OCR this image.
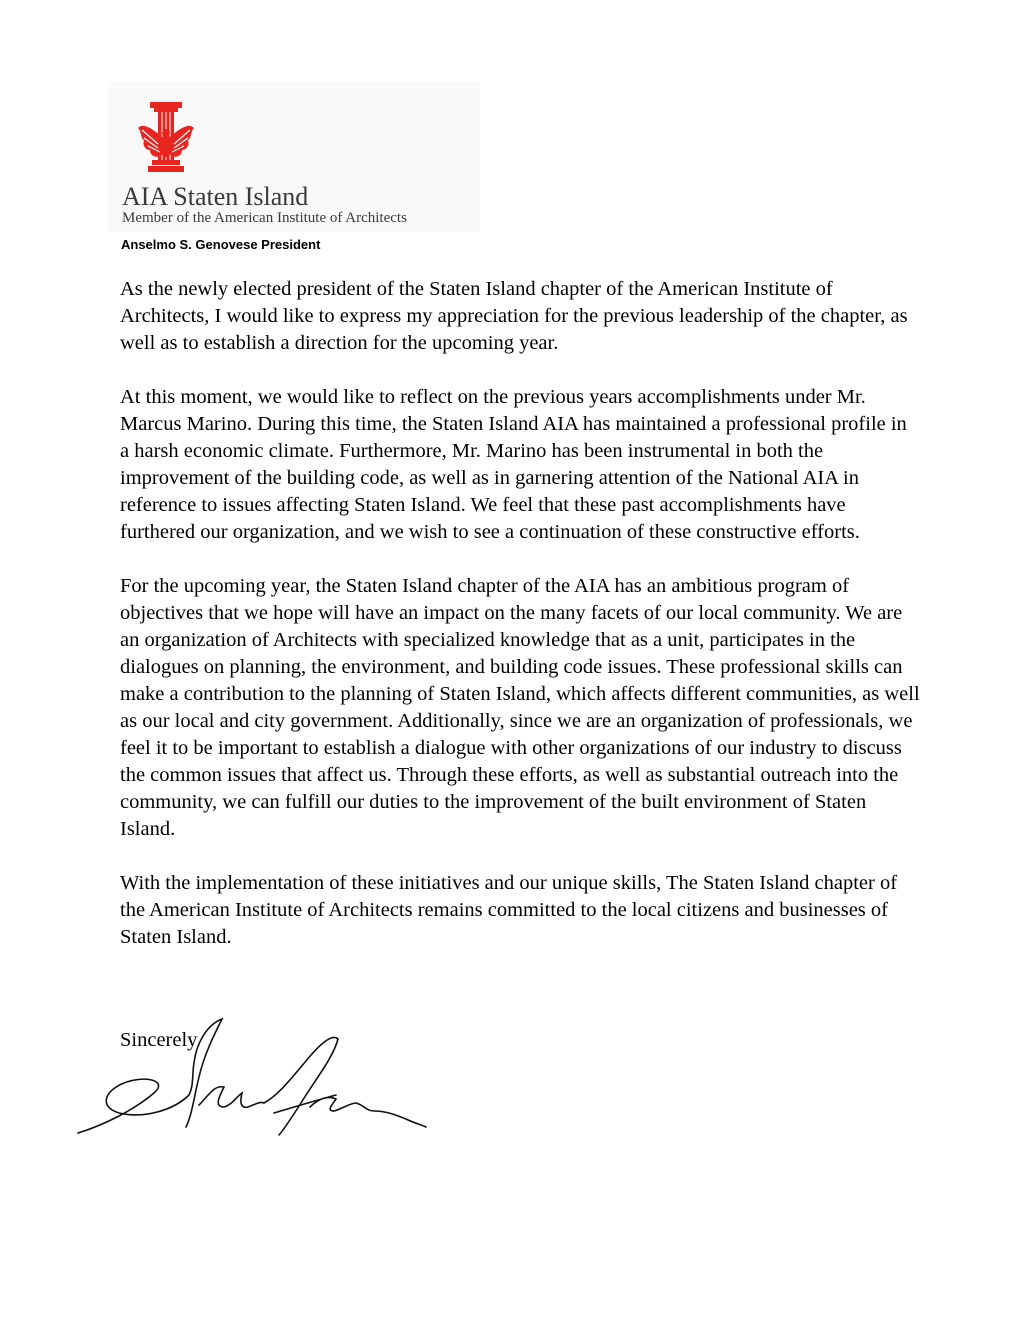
AIA Staten Island
Member of the American Institute of Architects
Anselmo S. Genovese President

As the newly elected president of the Staten Island chapter of the American Institute of Architects, I would like to express my appreciation for the previous leadership of the chapter, as well as to establish a direction for the upcoming year.

At this moment, we would like to reflect on the previous years accomplishments under Mr. Marcus Marino. During this time, the Staten Island AIA has maintained a professional profile in a harsh economic climate. Furthermore, Mr. Marino has been instrumental in both the improvement of the building code, as well as in garnering attention of the National AIA in reference to issues affecting Staten Island. We feel that these past accomplishments have furthered our organization, and we wish to see a continuation of these constructive efforts.

For the upcoming year, the Staten Island chapter of the AIA has an ambitious program of objectives that we hope will have an impact on the many facets of our local community. We are an organization of Architects with specialized knowledge that as a unit, participates in the dialogues on planning, the environment, and building code issues. These professional skills can make a contribution to the planning of Staten Island, which affects different communities, as well as our local and city government. Additionally, since we are an organization of professionals, we feel it to be important to establish a dialogue with other organizations of our industry to discuss the common issues that affect us. Through these efforts, as well as substantial outreach into the community, we can fulfill our duties to the improvement of the built environment of Staten Island.

With the implementation of these initiatives and our unique skills, The Staten Island chapter of the American Institute of Architects remains committed to the local citizens and businesses of Staten Island.

Sincerely
